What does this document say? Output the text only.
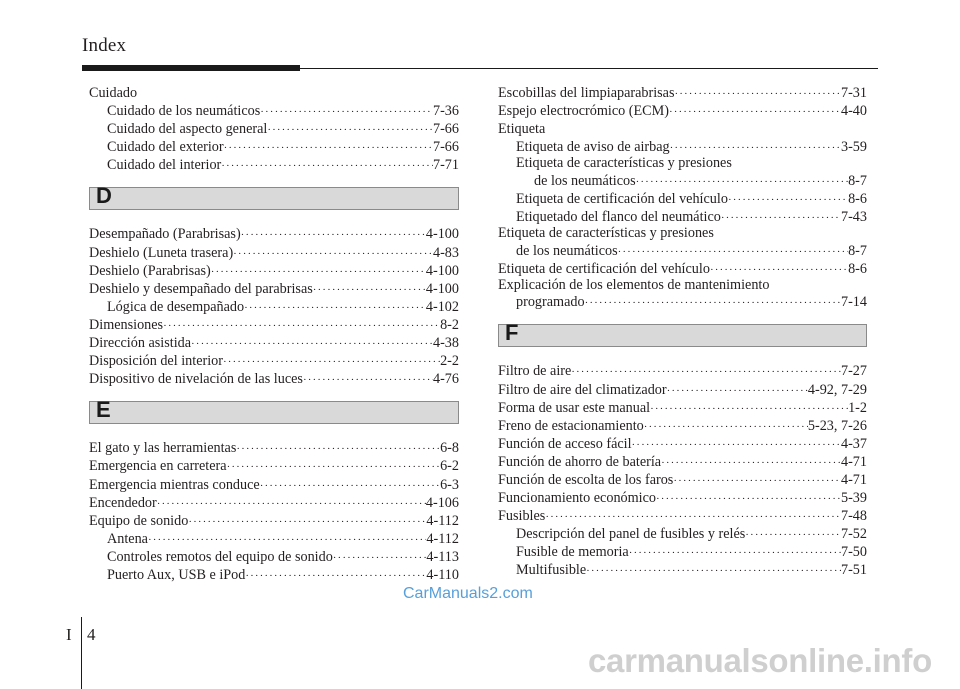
Index
Cuidado
Cuidado de los neumáticos ·····	7-36
Cuidado del aspecto general ·····	7-66
Cuidado del exterior ·····	7-66
Cuidado del interior ·····	7-71
D
Desempañado (Parabrisas) ·····	4-100
Deshielo (Luneta trasera) ·····	4-83
Deshielo (Parabrisas) ·····	4-100
Deshielo y desempañado del parabrisas ·····	4-100
Lógica de desempañado ·····	4-102
Dimensiones ·····	8-2
Dirección asistida ·····	4-38
Disposición del interior ·····	2-2
Dispositivo de nivelación de las luces ·····	4-76
E
El gato y las herramientas ·····	6-8
Emergencia en carretera ·····	6-2
Emergencia mientras conduce ·····	6-3
Encendedor ·····	4-106
Equipo de sonido ·····	4-112
Antena ·····	4-112
Controles remotos del equipo de sonido ·····	4-113
Puerto Aux, USB e iPod ·····	4-110
Escobillas del limpiaparabrisas ·····	7-31
Espejo electrocrómico (ECM) ·····	4-40
Etiqueta
Etiqueta de aviso de airbag ·····	3-59
Etiqueta de características y presiones
de los neumáticos ·····	8-7
Etiqueta de certificación del vehículo ·····	8-6
Etiquetado del flanco del neumático ·····	7-43
Etiqueta de características y presiones
de los neumáticos ·····	8-7
Etiqueta de certificación del vehículo ·····	8-6
Explicación de los elementos de mantenimiento
programado ·····	7-14
F
Filtro de aire ·····	7-27
Filtro de aire del climatizador ·····	4-92, 7-29
Forma de usar este manual ·····	1-2
Freno de estacionamiento ·····	5-23, 7-26
Función de acceso fácil ·····	4-37
Función de ahorro de batería ·····	4-71
Función de escolta de los faros ·····	4-71
Funcionamiento económico ·····	5-39
Fusibles ·····	7-48
Descripción del panel de fusibles y relés ·····	7-52
Fusible de memoria ·····	7-50
Multifusible ·····	7-51
I 4
CarManuals2.com
carmanualsonline.info
